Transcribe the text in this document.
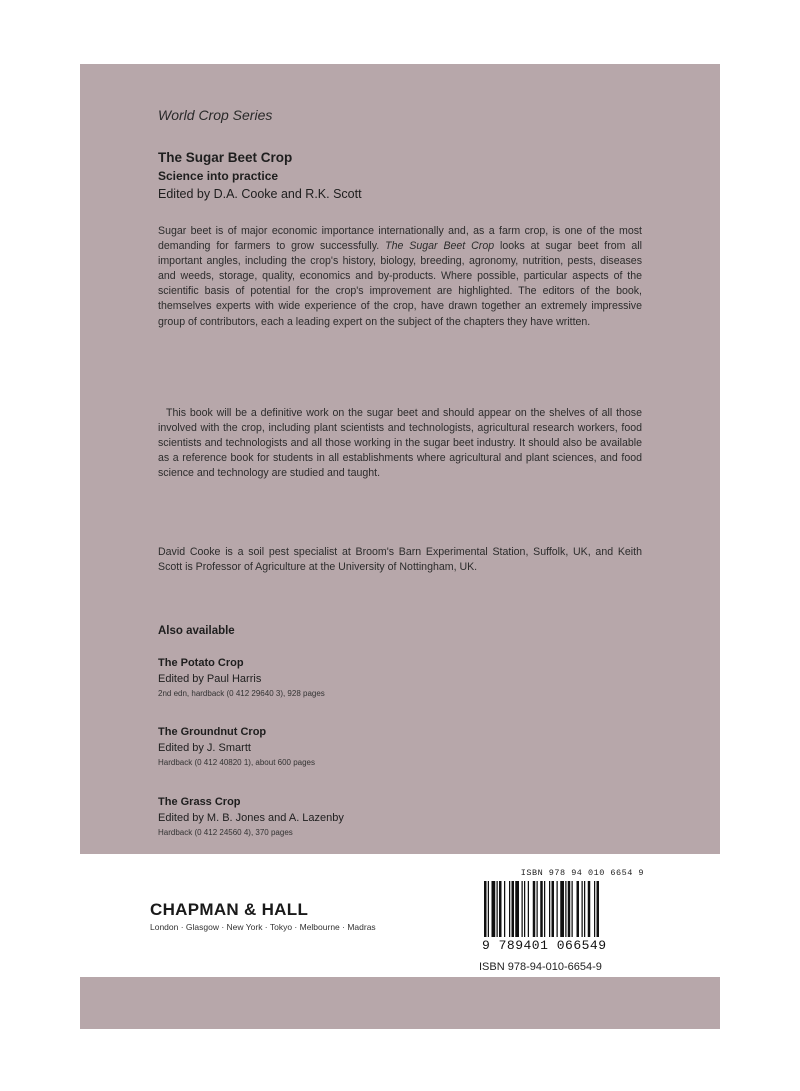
World Crop Series
The Sugar Beet Crop
Science into practice
Edited by D.A. Cooke and R.K. Scott
Sugar beet is of major economic importance internationally and, as a farm crop, is one of the most demanding for farmers to grow successfully. The Sugar Beet Crop looks at sugar beet from all important angles, including the crop's history, biology, breeding, agronomy, nutrition, pests, diseases and weeds, storage, quality, economics and by-products. Where possible, particular aspects of the scientific basis of potential for the crop's improvement are highlighted. The editors of the book, themselves experts with wide experience of the crop, have drawn together an extremely impressive group of contributors, each a leading expert on the subject of the chapters they have written.
This book will be a definitive work on the sugar beet and should appear on the shelves of all those involved with the crop, including plant scientists and technologists, agricultural research workers, food scientists and technologists and all those working in the sugar beet industry. It should also be available as a reference book for students in all establishments where agricultural and plant sciences, and food science and technology are studied and taught.
David Cooke is a soil pest specialist at Broom's Barn Experimental Station, Suffolk, UK, and Keith Scott is Professor of Agriculture at the University of Nottingham, UK.
Also available
The Potato Crop
Edited by Paul Harris
2nd edn, hardback (0 412 29640 3), 928 pages
The Groundnut Crop
Edited by J. Smartt
Hardback (0 412 40820 1), about 600 pages
The Grass Crop
Edited by M. B. Jones and A. Lazenby
Hardback (0 412 24560 4), 370 pages
CHAPMAN & HALL
London · Glasgow · New York · Tokyo · Melbourne · Madras
ISBN 978 94 010 6654 9
9 789401 066549
ISBN 978-94-010-6654-9
